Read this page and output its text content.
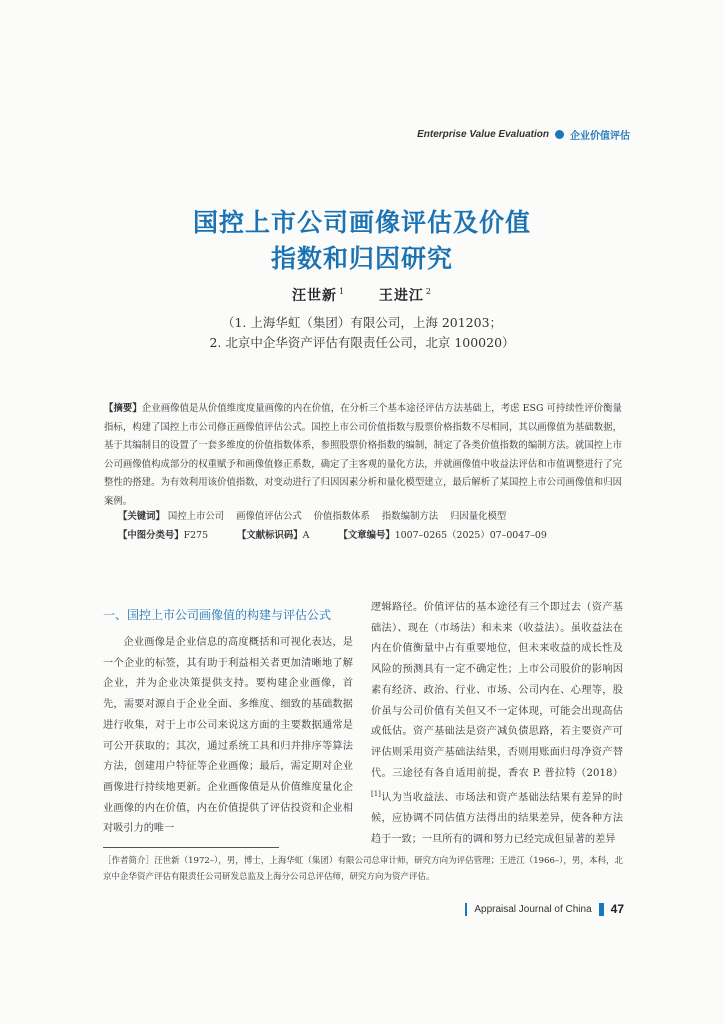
Enterprise Value Evaluation 企业价值评估
国控上市公司画像评估及价值
指数和归因研究
汪世新 $^1$ 王进江 $^2$
（1. 上海华虹（集团）有限公司，上海 201203；
2. 北京中企华资产评估有限责任公司，北京 100020）
【摘要】企业画像值是从价值维度度量画像的内在价值，在分析三个基本途径评估方法基础上，考虑 ESG 可持续性评价衡量指标，构建了国控上市公司修正画像值评估公式。国控上市公司价值指数与股票价格指数不尽相同，其以画像值为基础数据，基于其编制目的设置了一套多维度的价值指数体系，参照股票价格指数的编制，制定了各类价值指数的编制方法。就国控上市公司画像值构成部分的权重赋予和画像值修正系数，确定了主客观的量化方法，并就画像值中收益法评估和市值调整进行了完整性的搭建。为有效利用该价值指数，对变动进行了归因因素分析和量化模型建立，最后解析了某国控上市公司画像值和归因案例。
【关键词】 国控上市公司 画像值评估公式 价值指数体系 指数编制方法 归因量化模型
【中图分类号】F275	【文献标识码】A	【文章编号】1007–0265（2025）07–0047–09
一、国控上市公司画像值的构建与评估公式

企业画像是企业信息的高度概括和可视化表达，是一个企业的标签，其有助于利益相关者更加清晰地了解企业，并为企业决策提供支持。要构建企业画像，首先，需要对源自于企业全面、多维度、细致的基础数据进行收集，对于上市公司来说这方面的主要数据通常是可公开获取的；其次，通过系统工具和归并排序等算法方法，创建用户特征等企业画像；最后，需定期对企业画像进行持续地更新。企业画像值是从价值维度量化企业画像的内在价值，内在价值提供了评估投资和企业相对吸引力的唯一

逻辑路径。价值评估的基本途径有三个即过去（资产基础法）、现在（市场法）和未来（收益法）。虽收益法在内在价值衡量中占有重要地位，但未来收益的成长性及风险的预测具有一定不确定性；上市公司股价的影响因素有经济、政治、行业、市场、公司内在、心理等，股价虽与公司价值有关但又不一定体现，可能会出现高估或低估。资产基础法是资产减负债思路，若主要资产可评估则采用资产基础法结果，否则用账面归母净资产替代。三途径有各自适用前提，香农 P. 普拉特（2018）[1]认为当收益法、市场法和资产基础法结果有差异的时候，应协调不同估值方法得出的结果差异，使各种方法趋于一致；一旦所有的调和努力已经完成但显著的差异

［作者简介］汪世新（1972–），男，博士，上海华虹（集团）有限公司总审计师，研究方向为评估管理；王进江（1966–），男，本科，北京中企华资产评估有限责任公司研发总监及上海分公司总评估师，研究方向为资产评估。
Appraisal Journal of China 47
